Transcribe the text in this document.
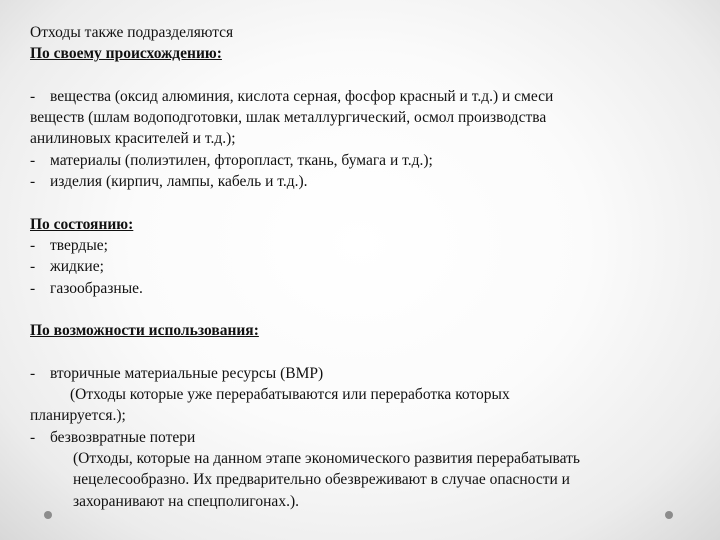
Отходы также подразделяются
По своему происхождению:
- вещества (оксид алюминия, кислота серная, фосфор красный и т.д.) и смеси
веществ (шлам водоподготовки, шлак металлургический, осмол производства
анилиновых красителей и т.д.);
- материалы (полиэтилен, фторопласт, ткань, бумага и т.д.);
- изделия (кирпич, лампы, кабель и т.д.).
По состоянию:
- твердые;
- жидкие;
- газообразные.
По возможности использования:
- вторичные материальные ресурсы (ВМР)
(Отходы которые уже перерабатываются или переработка которых
планируется.);
- безвозвратные потери
(Отходы, которые на данном этапе экономического развития перерабатывать
нецелесообразно. Их предварительно обезвреживают в случае опасности и
захоранивают на спецполигонах.).
